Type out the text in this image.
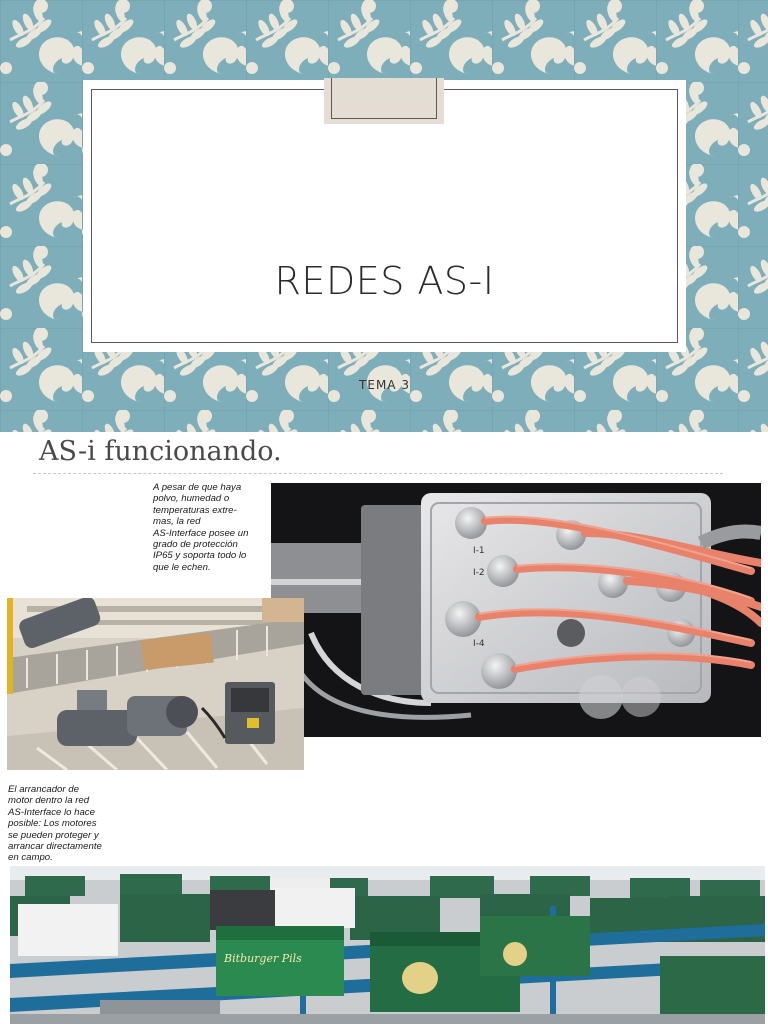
REDES AS-I
TEMA 3
AS-i funcionando.
A pesar de que haya
polvo, humedad o
temperaturas extre-
mas, la red
AS-Interface posee un
grado de protección
IP65 y soporta todo lo
que le echen.
I-1
I-2
I-4
El arrancador de
motor dentro la red
AS-Interface lo hace
posible: Los motores
se pueden proteger y
arrancar directamente
en campo.
Bitburger Pils
